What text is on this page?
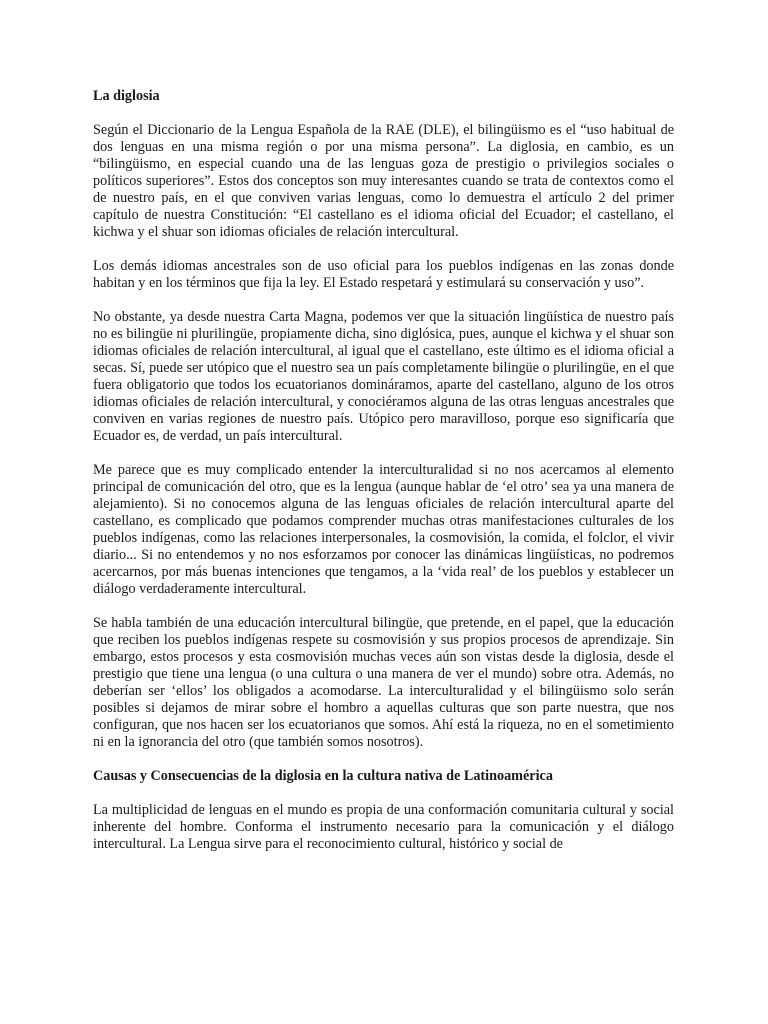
La diglosia

Según el Diccionario de la Lengua Española de la RAE (DLE), el bilingüismo es el “uso habitual de dos lenguas en una misma región o por una misma persona”. La diglosia, en cambio, es un “bilingüismo, en especial cuando una de las lenguas goza de prestigio o privilegios sociales o políticos superiores”. Estos dos conceptos son muy interesantes cuando se trata de contextos como el de nuestro país, en el que conviven varias lenguas, como lo demuestra el artículo 2 del primer capítulo de nuestra Constitución: “El castellano es el idioma oficial del Ecuador; el castellano, el kichwa y el shuar son idiomas oficiales de relación intercultural.

Los demás idiomas ancestrales son de uso oficial para los pueblos indígenas en las zonas donde habitan y en los términos que fija la ley. El Estado respetará y estimulará su conservación y uso”.

No obstante, ya desde nuestra Carta Magna, podemos ver que la situación lingüística de nuestro país no es bilingüe ni plurilingüe, propiamente dicha, sino diglósica, pues, aunque el kichwa y el shuar son idiomas oficiales de relación intercultural, al igual que el castellano, este último es el idioma oficial a secas. Sí, puede ser utópico que el nuestro sea un país completamente bilingüe o plurilingüe, en el que fuera obligatorio que todos los ecuatorianos domináramos, aparte del castellano, alguno de los otros idiomas oficiales de relación intercultural, y conociéramos alguna de las otras lenguas ancestrales que conviven en varias regiones de nuestro país. Utópico pero maravilloso, porque eso significaría que Ecuador es, de verdad, un país intercultural.

Me parece que es muy complicado entender la interculturalidad si no nos acercamos al elemento principal de comunicación del otro, que es la lengua (aunque hablar de ‘el otro’ sea ya una manera de alejamiento). Si no conocemos alguna de las lenguas oficiales de relación intercultural aparte del castellano, es complicado que podamos comprender muchas otras manifestaciones culturales de los pueblos indígenas, como las relaciones interpersonales, la cosmovisión, la comida, el folclor, el vivir diario... Si no entendemos y no nos esforzamos por conocer las dinámicas lingüísticas, no podremos acercarnos, por más buenas intenciones que tengamos, a la ‘vida real’ de los pueblos y establecer un diálogo verdaderamente intercultural.

Se habla también de una educación intercultural bilingüe, que pretende, en el papel, que la educación que reciben los pueblos indígenas respete su cosmovisión y sus propios procesos de aprendizaje. Sin embargo, estos procesos y esta cosmovisión muchas veces aún son vistas desde la diglosia, desde el prestigio que tiene una lengua (o una cultura o una manera de ver el mundo) sobre otra. Además, no deberían ser ‘ellos’ los obligados a acomodarse. La interculturalidad y el bilingüismo solo serán posibles si dejamos de mirar sobre el hombro a aquellas culturas que son parte nuestra, que nos configuran, que nos hacen ser los ecuatorianos que somos. Ahí está la riqueza, no en el sometimiento ni en la ignorancia del otro (que también somos nosotros).

Causas y Consecuencias de la diglosia en la cultura nativa de Latinoamérica

La multiplicidad de lenguas en el mundo es propia de una conformación comunitaria cultural y social inherente del hombre. Conforma el instrumento necesario para la comunicación y el diálogo intercultural. La Lengua sirve para el reconocimiento cultural, histórico y social de
